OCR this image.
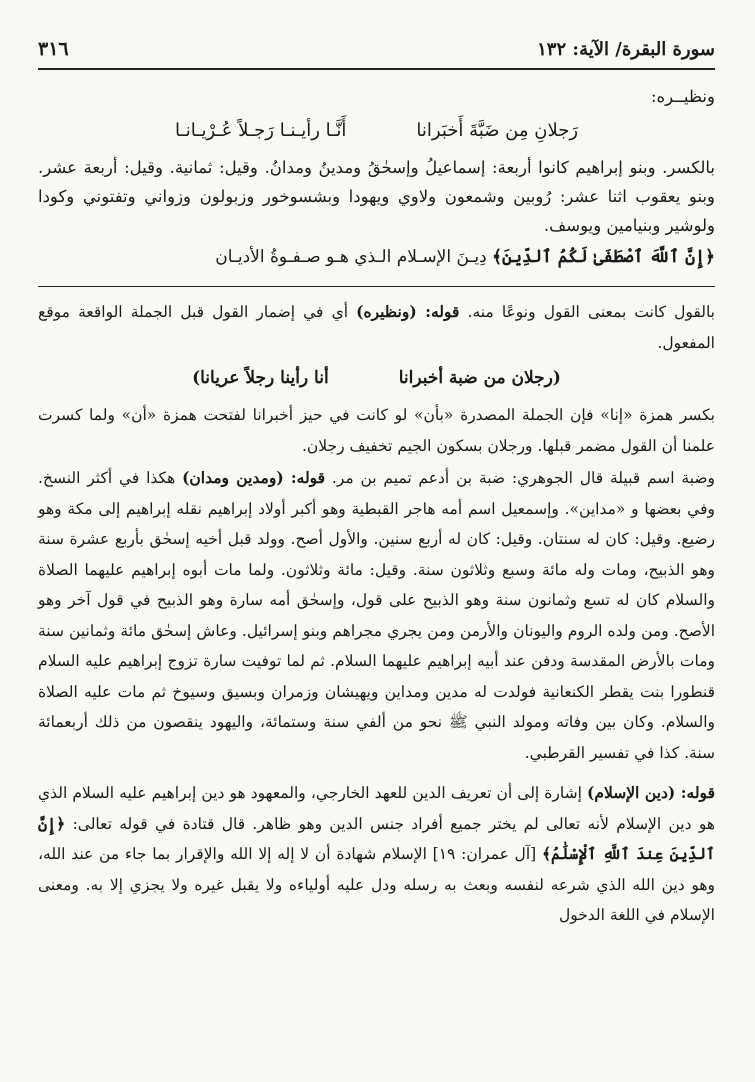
٣١٦	سورة البقرة/ الآية: ١٣٢

ونظيــره:

رَجلانِ مِن ضَبَّةَ أَخبَرانا
أَنَّـا رأيـنـا رَجـلاً عُـرْيـانـا

بالكسر. وبنو إبراهيم كانوا أربعة: إسماعيلُ وإسحٰقُ ومدينُ ومدانُ. وقيل: ثمانية. وقيل: أربعة عشر. وبنو يعقوب اثنا عشر: رُوبين وشمعون ولاوي ويهودا وبشسوخور وزبولون وزواني وتفتوني وكودا ولوشير وبنيامين ويوسف.

﴿إِنَّ ٱللَّهَ ٱصْطَفَىٰ لَكُمُ ٱلدِّينَ﴾ دِيـنَ الإسـلام الـذي هـو صـفـوةُ الأديـان

بالقول كانت بمعنى القول ونوعًا منه. قوله: (ونظيره) أي في إضمار القول قبل الجملة الواقعة موقع المفعول.

(رجلان من ضبة أخبرانا
أنا رأينا رجلاً عريانا)

بكسر همزة «إنا» فإن الجملة المصدرة «بأن» لو كانت في حيز أخبرانا لفتحت همزة «أن» ولما كسرت علمنا أن القول مضمر قبلها. ورجلان بسكون الجيم تخفيف رجلان.

وضبة اسم قبيلة قال الجوهري: ضبة بن أدعم تميم بن مر. قوله: (ومدين ومدان) هكذا في أكثر النسخ. وفي بعضها و «مداين». وإسمعيل اسم أمه هاجر القبطية وهو أكبر أولاد إبراهيم نقله إبراهيم إلى مكة وهو رضيع. وقيل: كان له سنتان. وقيل: كان له أربع سنين. والأول أصح. وولد قبل أخيه إسحٰق بأربع عشرة سنة وهو الذبيح، ومات وله مائة وسبع وثلاثون سنة. وقيل: مائة وثلاثون. ولما مات أبوه إبراهيم عليهما الصلاة والسلام كان له تسع وثمانون سنة وهو الذبيح على قول، وإسحٰق أمه سارة وهو الذبيح في قول آخر وهو الأصح. ومن ولده الروم واليونان والأرمن ومن يجري مجراهم وبنو إسرائيل. وعاش إسحٰق مائة وثمانين سنة ومات بالأرض المقدسة ودفن عند أبيه إبراهيم عليهما السلام. ثم لما توفيت سارة تزوج إبراهيم عليه السلام قنطورا بنت يقطر الكنعانية فولدت له مدين ومداين ويهيشان وزمران وبسيق وسيوخ ثم مات عليه الصلاة والسلام. وكان بين وفاته ومولد النبي ﷺ نحو من ألفي سنة وستمائة، واليهود ينقصون من ذلك أربعمائة سنة. كذا في تفسير القرطبي.

قوله: (دين الإسلام) إشارة إلى أن تعريف الدين للعهد الخارجي، والمعهود هو دين إبراهيم عليه السلام الذي هو دين الإسلام لأنه تعالى لم يختر جميع أفراد جنس الدين وهو ظاهر. قال قتادة في قوله تعالى: ﴿إِنَّ ٱلدِّينَ عِندَ ٱللَّهِ ٱلْإِسْلَٰمُ﴾ [آل عمران: ١٩] الإسلام شهادة أن لا إله إلا الله والإقرار بما جاء من عند الله، وهو دين الله الذي شرعه لنفسه وبعث به رسله ودل عليه أولياءه ولا يقبل غيره ولا يجزي إلا به. ومعنى الإسلام في اللغة الدخول
